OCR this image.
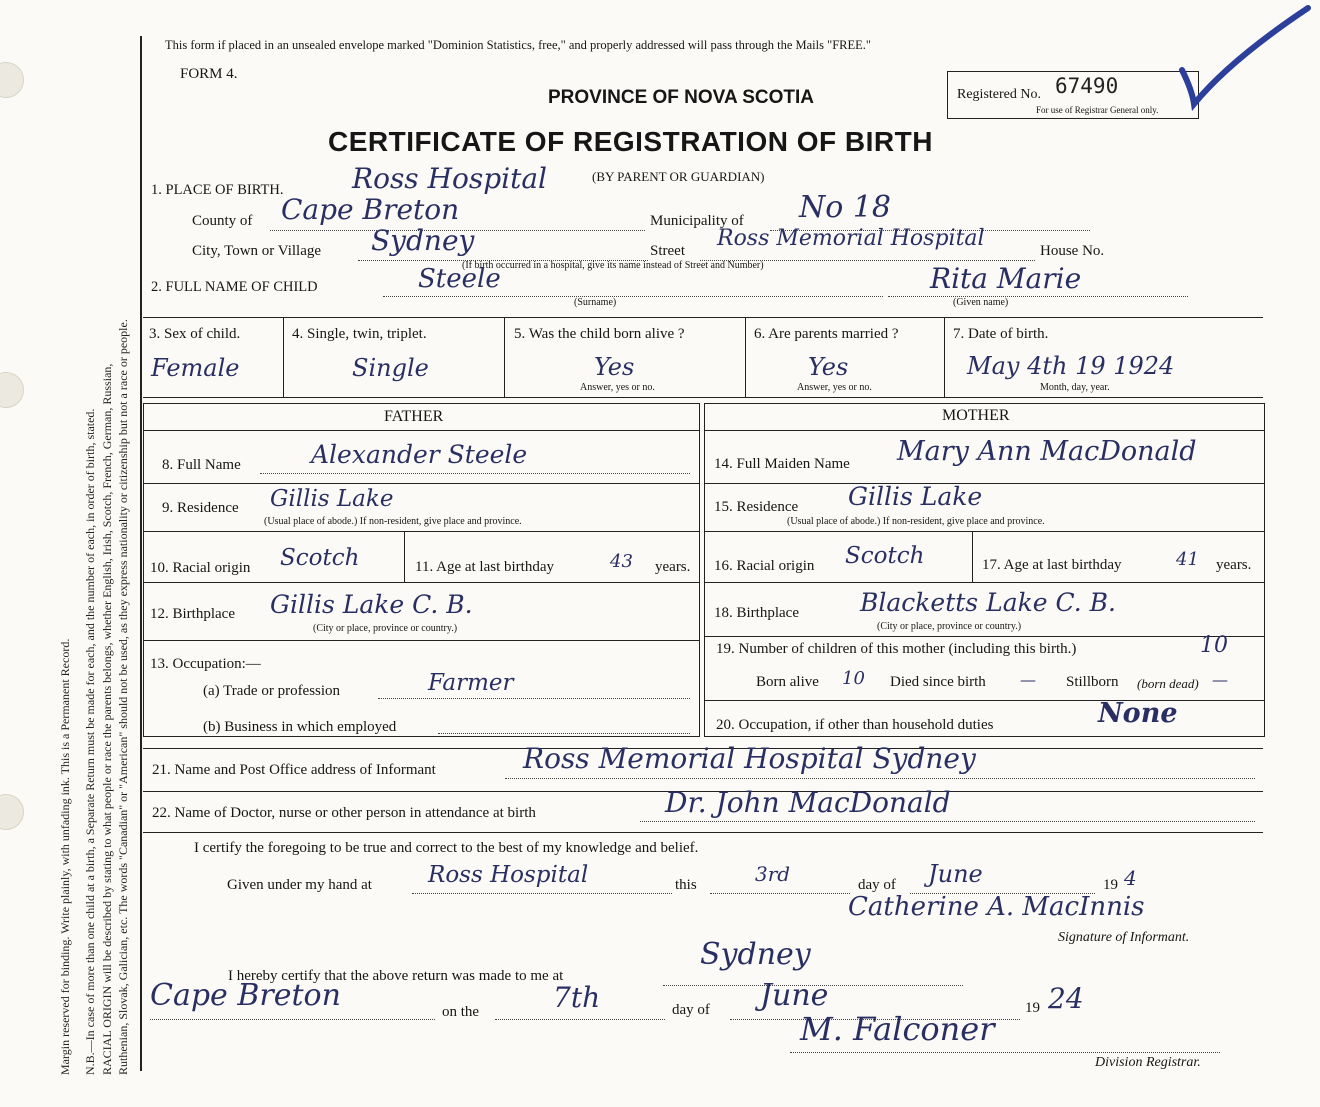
Margin reserved for binding. Write plainly, with unfading ink. This is a Permanent Record. N.B.—In case of more than one child at a birth, a Separate Return must be made for each, and the number of each, in order of birth, stated. RACIAL ORIGIN will be described by stating to what people or race the parents belongs, whether English, Irish, Scotch, French, German, Russian, Ruthenian, Slovak, Galician, etc. The words "Canadian" or "American" should not be used, as they express nationality or citizenship but not a race or people.
This form if placed in an unsealed envelope marked "Dominion Statistics, free," and properly addressed will pass through the Mails "FREE."
FORM 4.
PROVINCE OF NOVA SCOTIA
CERTIFICATE OF REGISTRATION OF BIRTH
Registered No. 67490
For use of Registrar General only.
1. PLACE OF BIRTH. Ross Hospital	(BY PARENT OR GUARDIAN)
County of Cape Breton	Municipality of No 18
City, Town or Village Sydney	Street Ross Memorial Hospital	House No.
(If birth occurred in a hospital, give its name instead of Street and Number)
2. FULL NAME OF CHILD	Steele
(Surname)
Rita Marie
(Given name)
3. Sex of child.
Female
4. Single, twin, triplet.
Single
5. Was the child born alive ?
Yes
Answer, yes or no.
6. Are parents married ?
Yes
Answer, yes or no.
7. Date of birth.
May 4th 19 1924
Month, day, year.
FATHER	MOTHER
8. Full Name	Alexander Steele
9. Residence Gillis Lake
(Usual place of abode.) If non-resident, give place and province.
10. Racial origin Scotch	11. Age at last birthday	43 years.
12. Birthplace Gillis Lake C. B.
(City or place, province or country.)
13. Occupation:—
(a) Trade or profession	Farmer
(b) Business in which employed
14. Full Maiden Name Mary Ann MacDonald
15. Residence Gillis Lake
(Usual place of abode.) If non-resident, give place and province.
16. Racial origin Scotch	17. Age at last birthday	41 years.
18. Birthplace Blacketts Lake C. B.
(City or place, province or country.)
19. Number of children of this mother (including this birth.)	10
Born alive 10 Died since birth — Stillborn (born dead) —
20. Occupation, if other than household duties	None
21. Name and Post Office address of Informant	Ross Memorial Hospital Sydney
22. Name of Doctor, nurse or other person in attendance at birth	Dr. John MacDonald
I certify the foregoing to be true and correct to the best of my knowledge and belief.
Given under my hand at Ross Hospital	this	3rd	day of June	19 4
Catherine A. MacInnis
Signature of Informant.
I hereby certify that the above return was made to me at
Sydney
Cape Breton	on the	7th	day of June	19 24
M. Falconer
Division Registrar.
